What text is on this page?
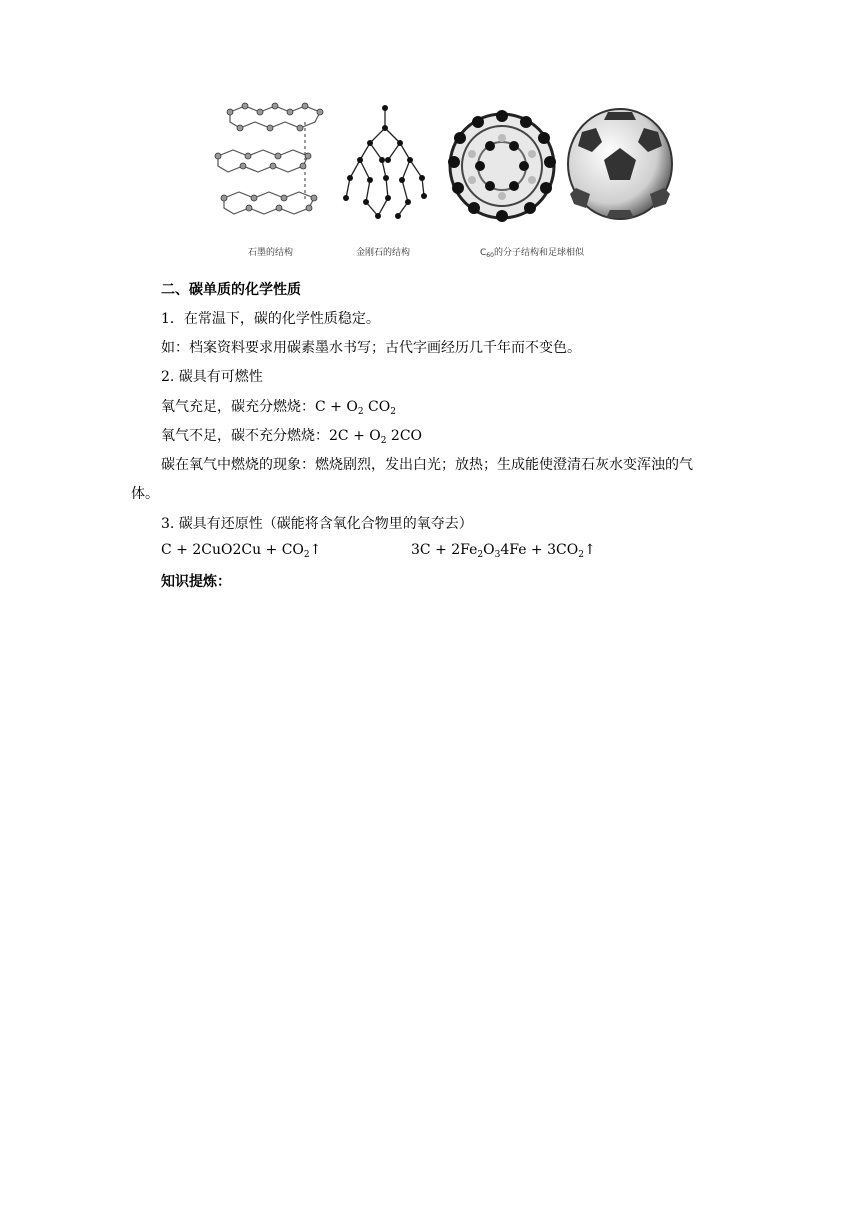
石墨的结构	金刚石的结构	$C_{60}$的分子结构和足球相似
二、碳单质的化学性质
1．在常温下，碳的化学性质稳定。
如：档案资料要求用碳素墨水书写；古代字画经历几千年而不变色。
2. 碳具有可燃性
氧气充足，碳充分燃烧：$C + O_2$ $CO_2$
氧气不足，碳不充分燃烧：$2C + O_2$ 2CO
碳在氧气中燃烧的现象：燃烧剧烈，发出白光；放热；生成能使澄清石灰水变浑浊的气
体。
3. 碳具有还原性（碳能将含氧化合物里的氧夺去）
$C + 2CuO2Cu + CO_2↑$	$3C + 2Fe_2O_34Fe$ + $3CO_2↑$
知识提炼：
